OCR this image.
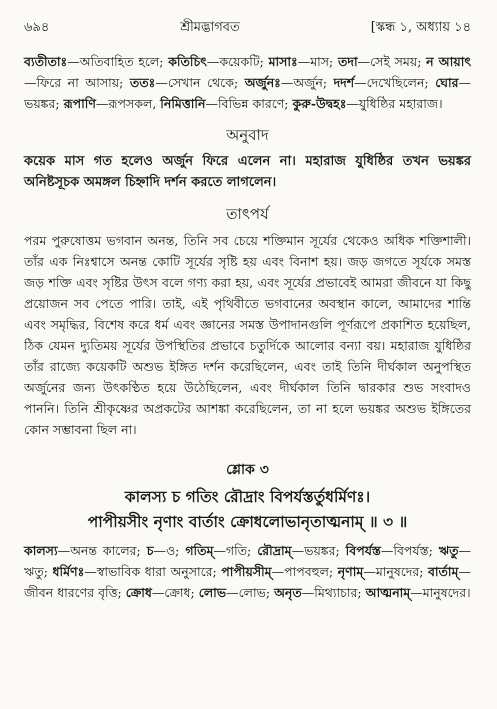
৬৯৪	শ্রীমদ্ভাগবত	[স্কন্ধ ১, অধ্যায় ১৪

ব্যতীতাঃ—অতিবাহিত হলে; কতিচিৎ—কয়েকটি; মাসাঃ—মাস; তদা—সেই সময়; ন আয়াৎ—ফিরে না আসায়; ততঃ—সেখান থেকে; অর্জুনঃ—অর্জুন; দদর্শ—দেখেছিলেন; ঘোর—ভয়ঙ্কর; রূপাণি—রূপসকল, নিমিত্তানি—বিভিন্ন কারণে; কুরু-উদ্বহঃ—যুধিষ্ঠির মহারাজ।

অনুবাদ

কয়েক মাস গত হলেও অর্জুন ফিরে এলেন না। মহারাজ যুধিষ্ঠির তখন ভয়ঙ্কর অনিষ্টসূচক অমঙ্গল চিহ্নাদি দর্শন করতে লাগলেন।

তাৎপর্য

পরম পুরুষোত্তম ভগবান অনন্ত, তিনি সব চেয়ে শক্তিমান সূর্যের থেকেও অধিক শক্তিশালী। তাঁর এক নিঃশ্বাসে অনন্ত কোটি সূর্যের সৃষ্টি হয় এবং বিনাশ হয়। জড় জগতে সূর্যকে সমস্ত জড় শক্তি এবং সৃষ্টির উৎস বলে গণ্য করা হয়, এবং সূর্যের প্রভাবেই আমরা জীবনে যা কিছু প্রয়োজন সব পেতে পারি। তাই, এই পৃথিবীতে ভগবানের অবস্থান কালে, আমাদের শান্তি এবং সমৃদ্ধির, বিশেষ করে ধর্ম এবং জ্ঞানের সমস্ত উপাদানগুলি পূর্ণরূপে প্রকাশিত হয়েছিল, ঠিক যেমন দ্যুতিময় সূর্যের উপস্থিতির প্রভাবে চতুর্দিকে আলোর বন্যা বয়। মহারাজ যুধিষ্ঠির তাঁর রাজ্যে কয়েকটি অশুভ ইঙ্গিত দর্শন করেছিলেন, এবং তাই তিনি দীর্ঘকাল অনুপস্থিত অর্জুনের জন্য উৎকণ্ঠিত হয়ে উঠেছিলেন, এবং দীর্ঘকাল তিনি দ্বারকার শুভ সংবাদও পাননি। তিনি শ্রীকৃষ্ণের অপ্রকটের আশঙ্কা করেছিলেন, তা না হলে ভয়ঙ্কর অশুভ ইঙ্গিতের কোন সম্ভাবনা ছিল না।

শ্লোক ৩

কালস্য চ গতিং রৌদ্রাং বিপর্যস্তর্তুধর্মিণঃ।

পাপীয়সীং নৃণাং বার্তাং ক্রোধলোভানৃতাত্মনাম্ ॥ ৩ ॥

কালস্য—অনন্ত কালের; চ—ও; গতিম্—গতি; রৌদ্রাম্—ভয়ঙ্কর; বিপর্যস্ত—বিপর্যস্ত; ঋতু—ঋতু; ধর্মিণঃ—স্বাভাবিক ধারা অনুসারে; পাপীয়সীম্—পাপবহুল; নৃণাম্—মানুষদের; বার্তাম্—জীবন ধারণের বৃত্তি; ক্রোধ—ক্রোধ; লোভ—লোভ; অনৃত—মিথ্যাচার; আত্মনাম্—মানুষদের।
